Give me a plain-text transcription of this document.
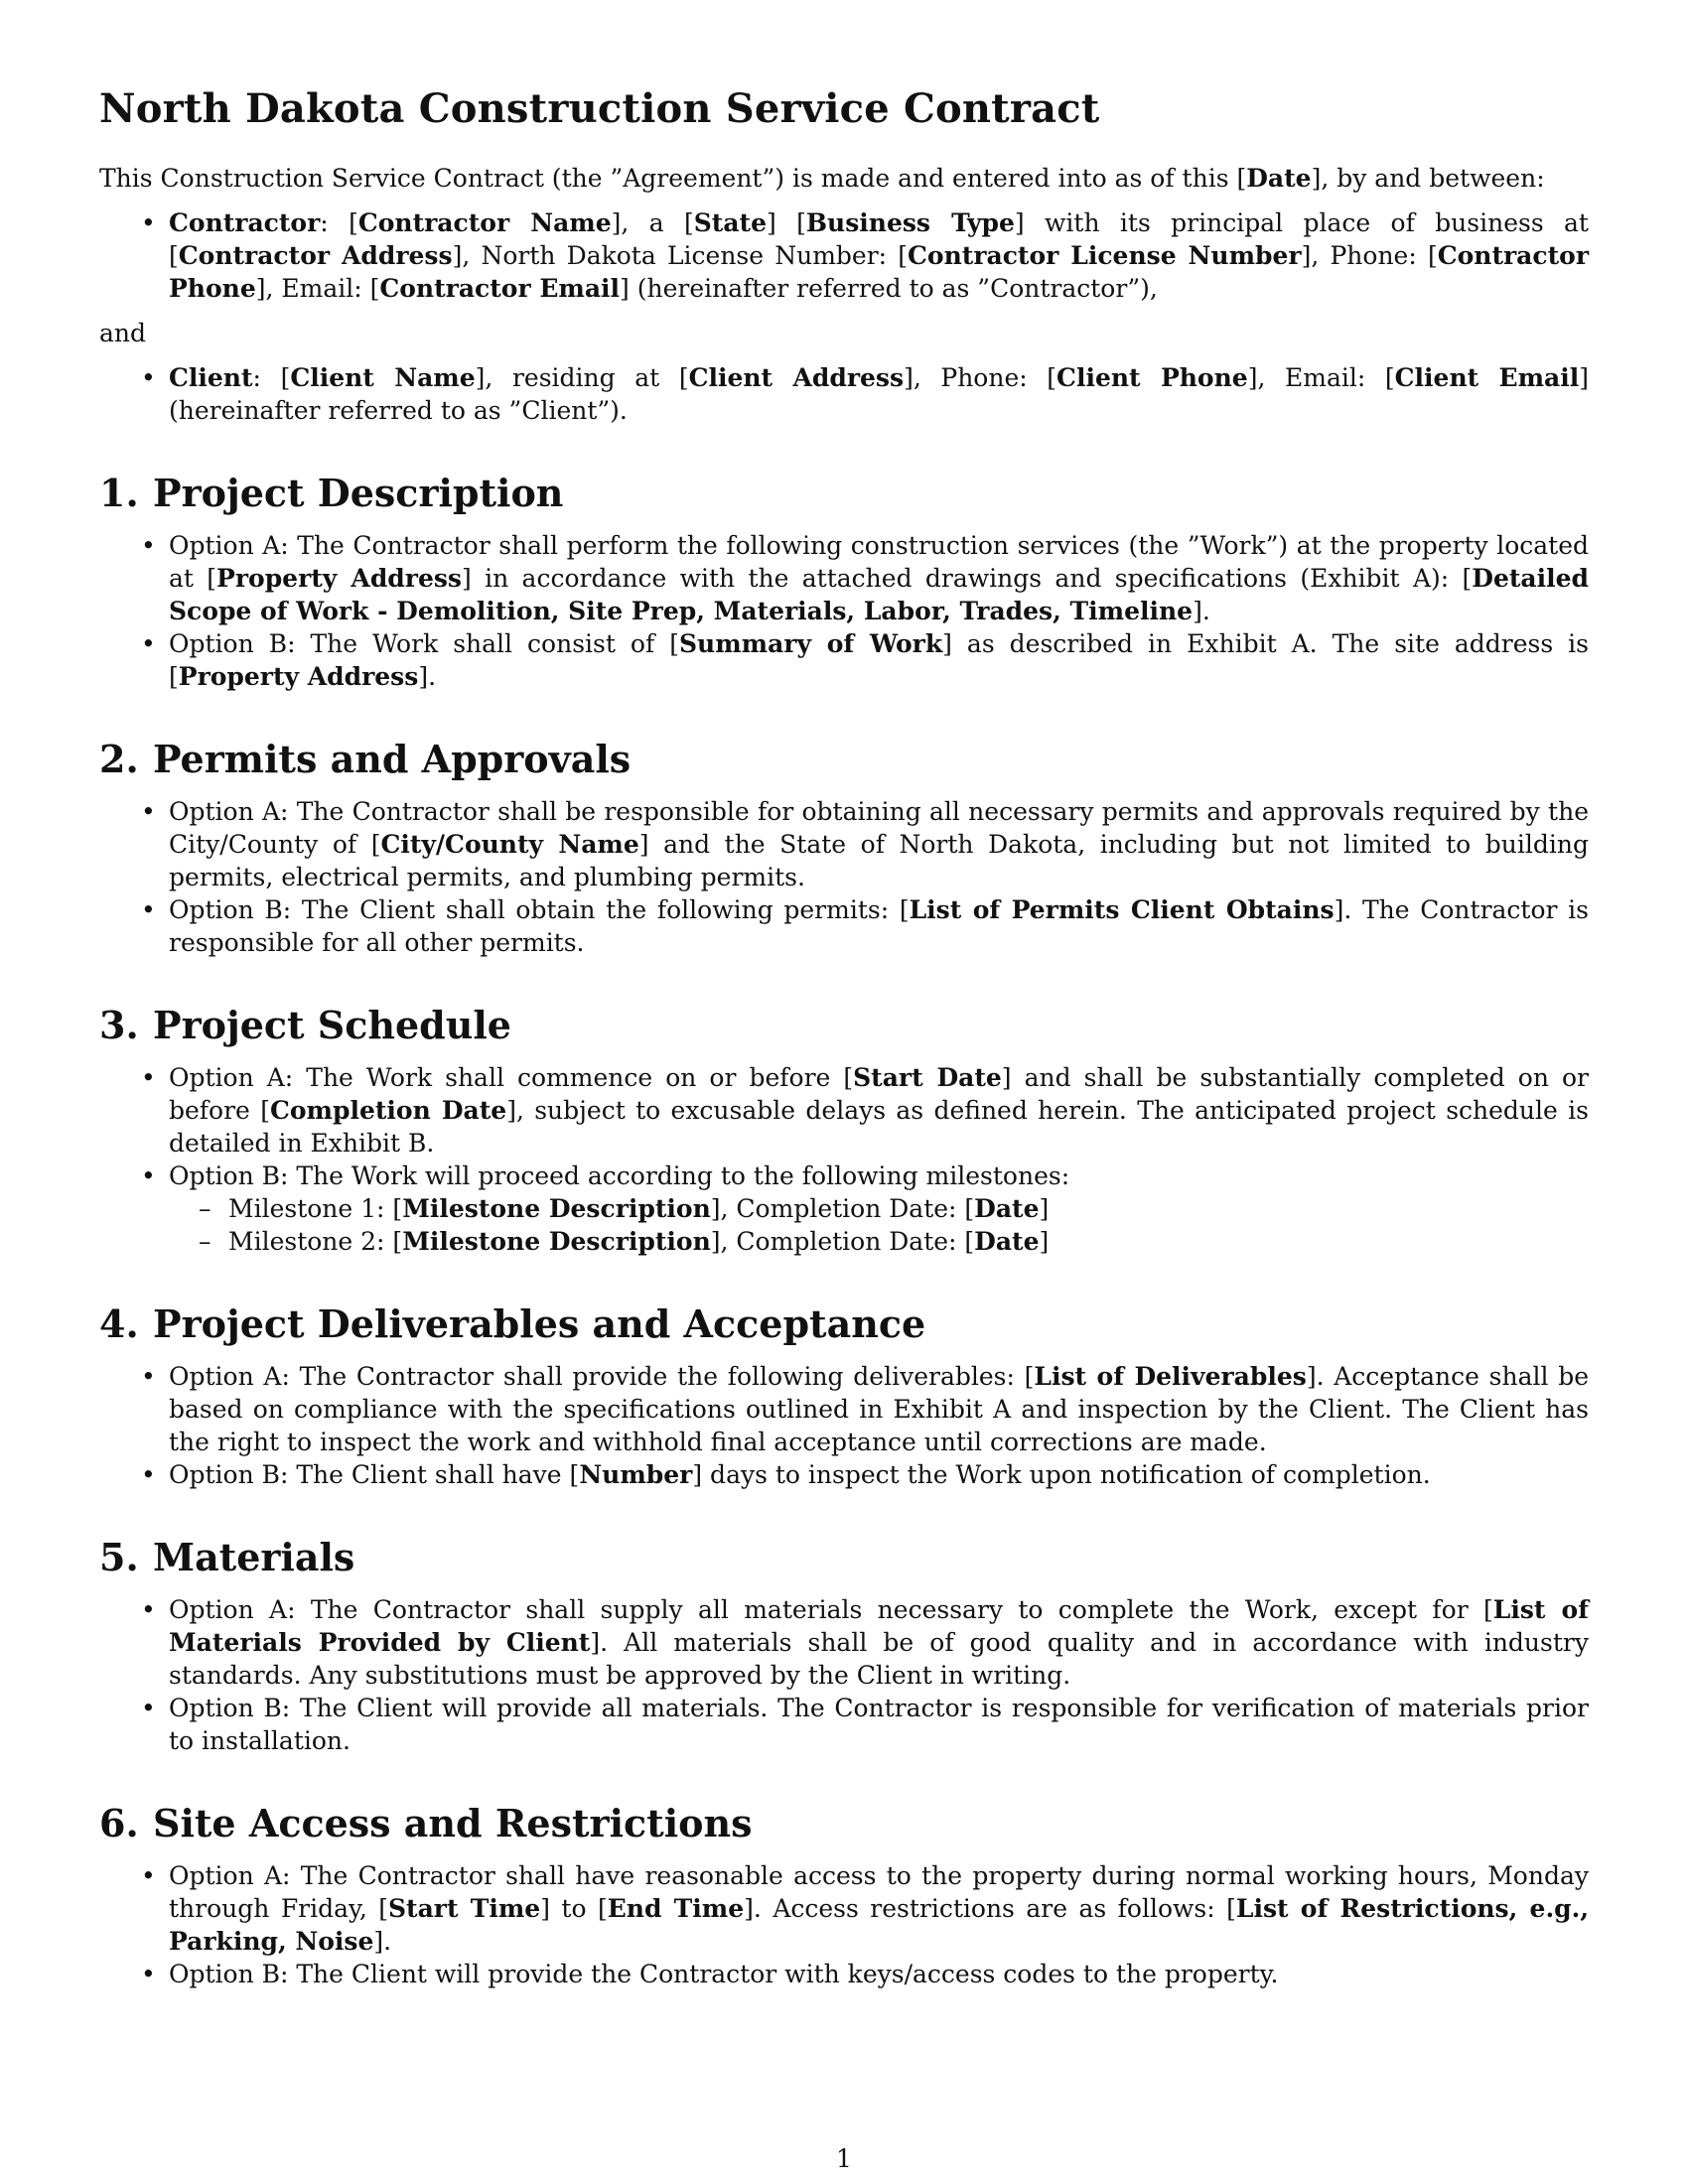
North Dakota Construction Service Contract

This Construction Service Contract (the ”Agreement”) is made and entered into as of this [Date], by and between:

• Contractor: [Contractor Name], a [State] [Business Type] with its principal place of business at [Contractor Address], North Dakota License Number: [Contractor License Number], Phone: [Contractor Phone], Email: [Contractor Email] (hereinafter referred to as ”Contractor”),

and

• Client: [Client Name], residing at [Client Address], Phone: [Client Phone], Email: [Client Email] (hereinafter referred to as ”Client”).
1. Project Description
• Option A: The Contractor shall perform the following construction services (the ”Work”) at the property located at [Property Address] in accordance with the attached drawings and specifications (Exhibit A): [Detailed Scope of Work - Demolition, Site Prep, Materials, Labor, Trades, Timeline].
• Option B: The Work shall consist of [Summary of Work] as described in Exhibit A. The site address is [Property Address].
2. Permits and Approvals
• Option A: The Contractor shall be responsible for obtaining all necessary permits and approvals required by the City/County of [City/County Name] and the State of North Dakota, including but not limited to building permits, electrical permits, and plumbing permits.
• Option B: The Client shall obtain the following permits: [List of Permits Client Obtains]. The Contractor is responsible for all other permits.
3. Project Schedule
• Option A: The Work shall commence on or before [Start Date] and shall be substantially completed on or before [Completion Date], subject to excusable delays as defined herein. The anticipated project schedule is detailed in Exhibit B.
• Option B: The Work will proceed according to the following milestones:
– Milestone 1: [Milestone Description], Completion Date: [Date]
– Milestone 2: [Milestone Description], Completion Date: [Date]
4. Project Deliverables and Acceptance
• Option A: The Contractor shall provide the following deliverables: [List of Deliverables]. Acceptance shall be based on compliance with the specifications outlined in Exhibit A and inspection by the Client. The Client has the right to inspect the work and withhold final acceptance until corrections are made.
• Option B: The Client shall have [Number] days to inspect the Work upon notification of completion.
5. Materials
• Option A: The Contractor shall supply all materials necessary to complete the Work, except for [List of Materials Provided by Client]. All materials shall be of good quality and in accordance with industry standards. Any substitutions must be approved by the Client in writing.
• Option B: The Client will provide all materials. The Contractor is responsible for verification of materials prior to installation.
6. Site Access and Restrictions
• Option A: The Contractor shall have reasonable access to the property during normal working hours, Monday through Friday, [Start Time] to [End Time]. Access restrictions are as follows: [List of Restrictions, e.g., Parking, Noise].
• Option B: The Client will provide the Contractor with keys/access codes to the property.
1
